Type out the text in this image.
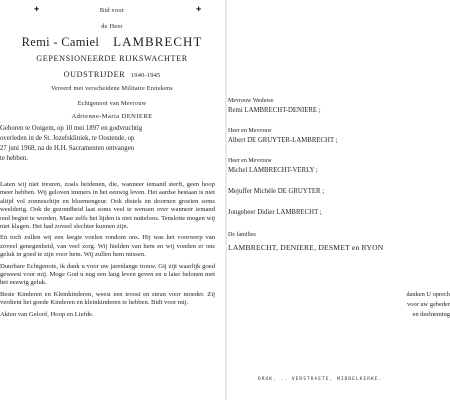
✚	✚
Bid voor
de Heer
Remi - Camiel LAMBRECHT
GEPENSIONEERDE RIJKSWACHTER
OUDSTRIJDER 1940-1945
Vereerd met verscheidene Militaire Eretekens
Echtgenoot van Mevrouw
Adrienne-Maria DENIERE
Geboren te Ooigem, op 10 mei 1897 en godvruchtig
overleden in de St. Jozefskliniek, te Oostende, op
27 juni 1968, na de H.H. Sacramenten ontvangen
te hebben.

Laten wij niet treuren, zoals heidenen, die, wanneer iemand sterft, geen hoop meer hebben. Wij geloven immers in het eeuwig leven. Het aardse bestaan is niet altijd vol zonneschijn en bloemengeur. Ook distels en doornen groeien soms weelderig. Ook de gezondheid laat soms veel te wensen over wanneer iemand oud begint te worden. Maar zelfs het lijden is niet nutteloos. Tenslotte mogen wij niet klagen. Het had zoveel slechter kunnen zijn.

En toch zullen wij een leegte voelen rondom ons. Hij was het voorwerp van zoveel genegenheid, van veel zorg. Wij hielden van hem en wij vonden er ons geluk in goed te zijn voor hem. Wij zullen hem missen.

Duurbare Echtgenote, ik dank u voor uw jarenlange trouw. Gij zijt waarlijk goed geweest voor mij. Moge God u nog een lang leven geven en u later belonen met het eeuwig geluk.

Beste Kinderen en Kleinkinderen, weest een troost en steun voor moeder. Zij verdient het goede Kinderen en kleinkinderen te hebben. Bidt voor mij.

Akten van Geloof, Hoop en Liefde.

Mevrouw Weduwe
Remi LAMBRECHT-DENIERE ;
Heer en Mevrouw
Albert DE GRUYTER-LAMBRECHT ;
Heer en Mevrouw
Michel LAMBRECHT-VERLY ;
Mejuffer Michèle DE GRUYTER ;
Jongeheer Didier LAMBRECHT ;
De families
LAMBRECHT, DENIERE, DESMET en RYON
danken U oprech
voor uw gebeder
en deelneming
DRUK. .. VERSTRAETE, MIDDELKERKE.
